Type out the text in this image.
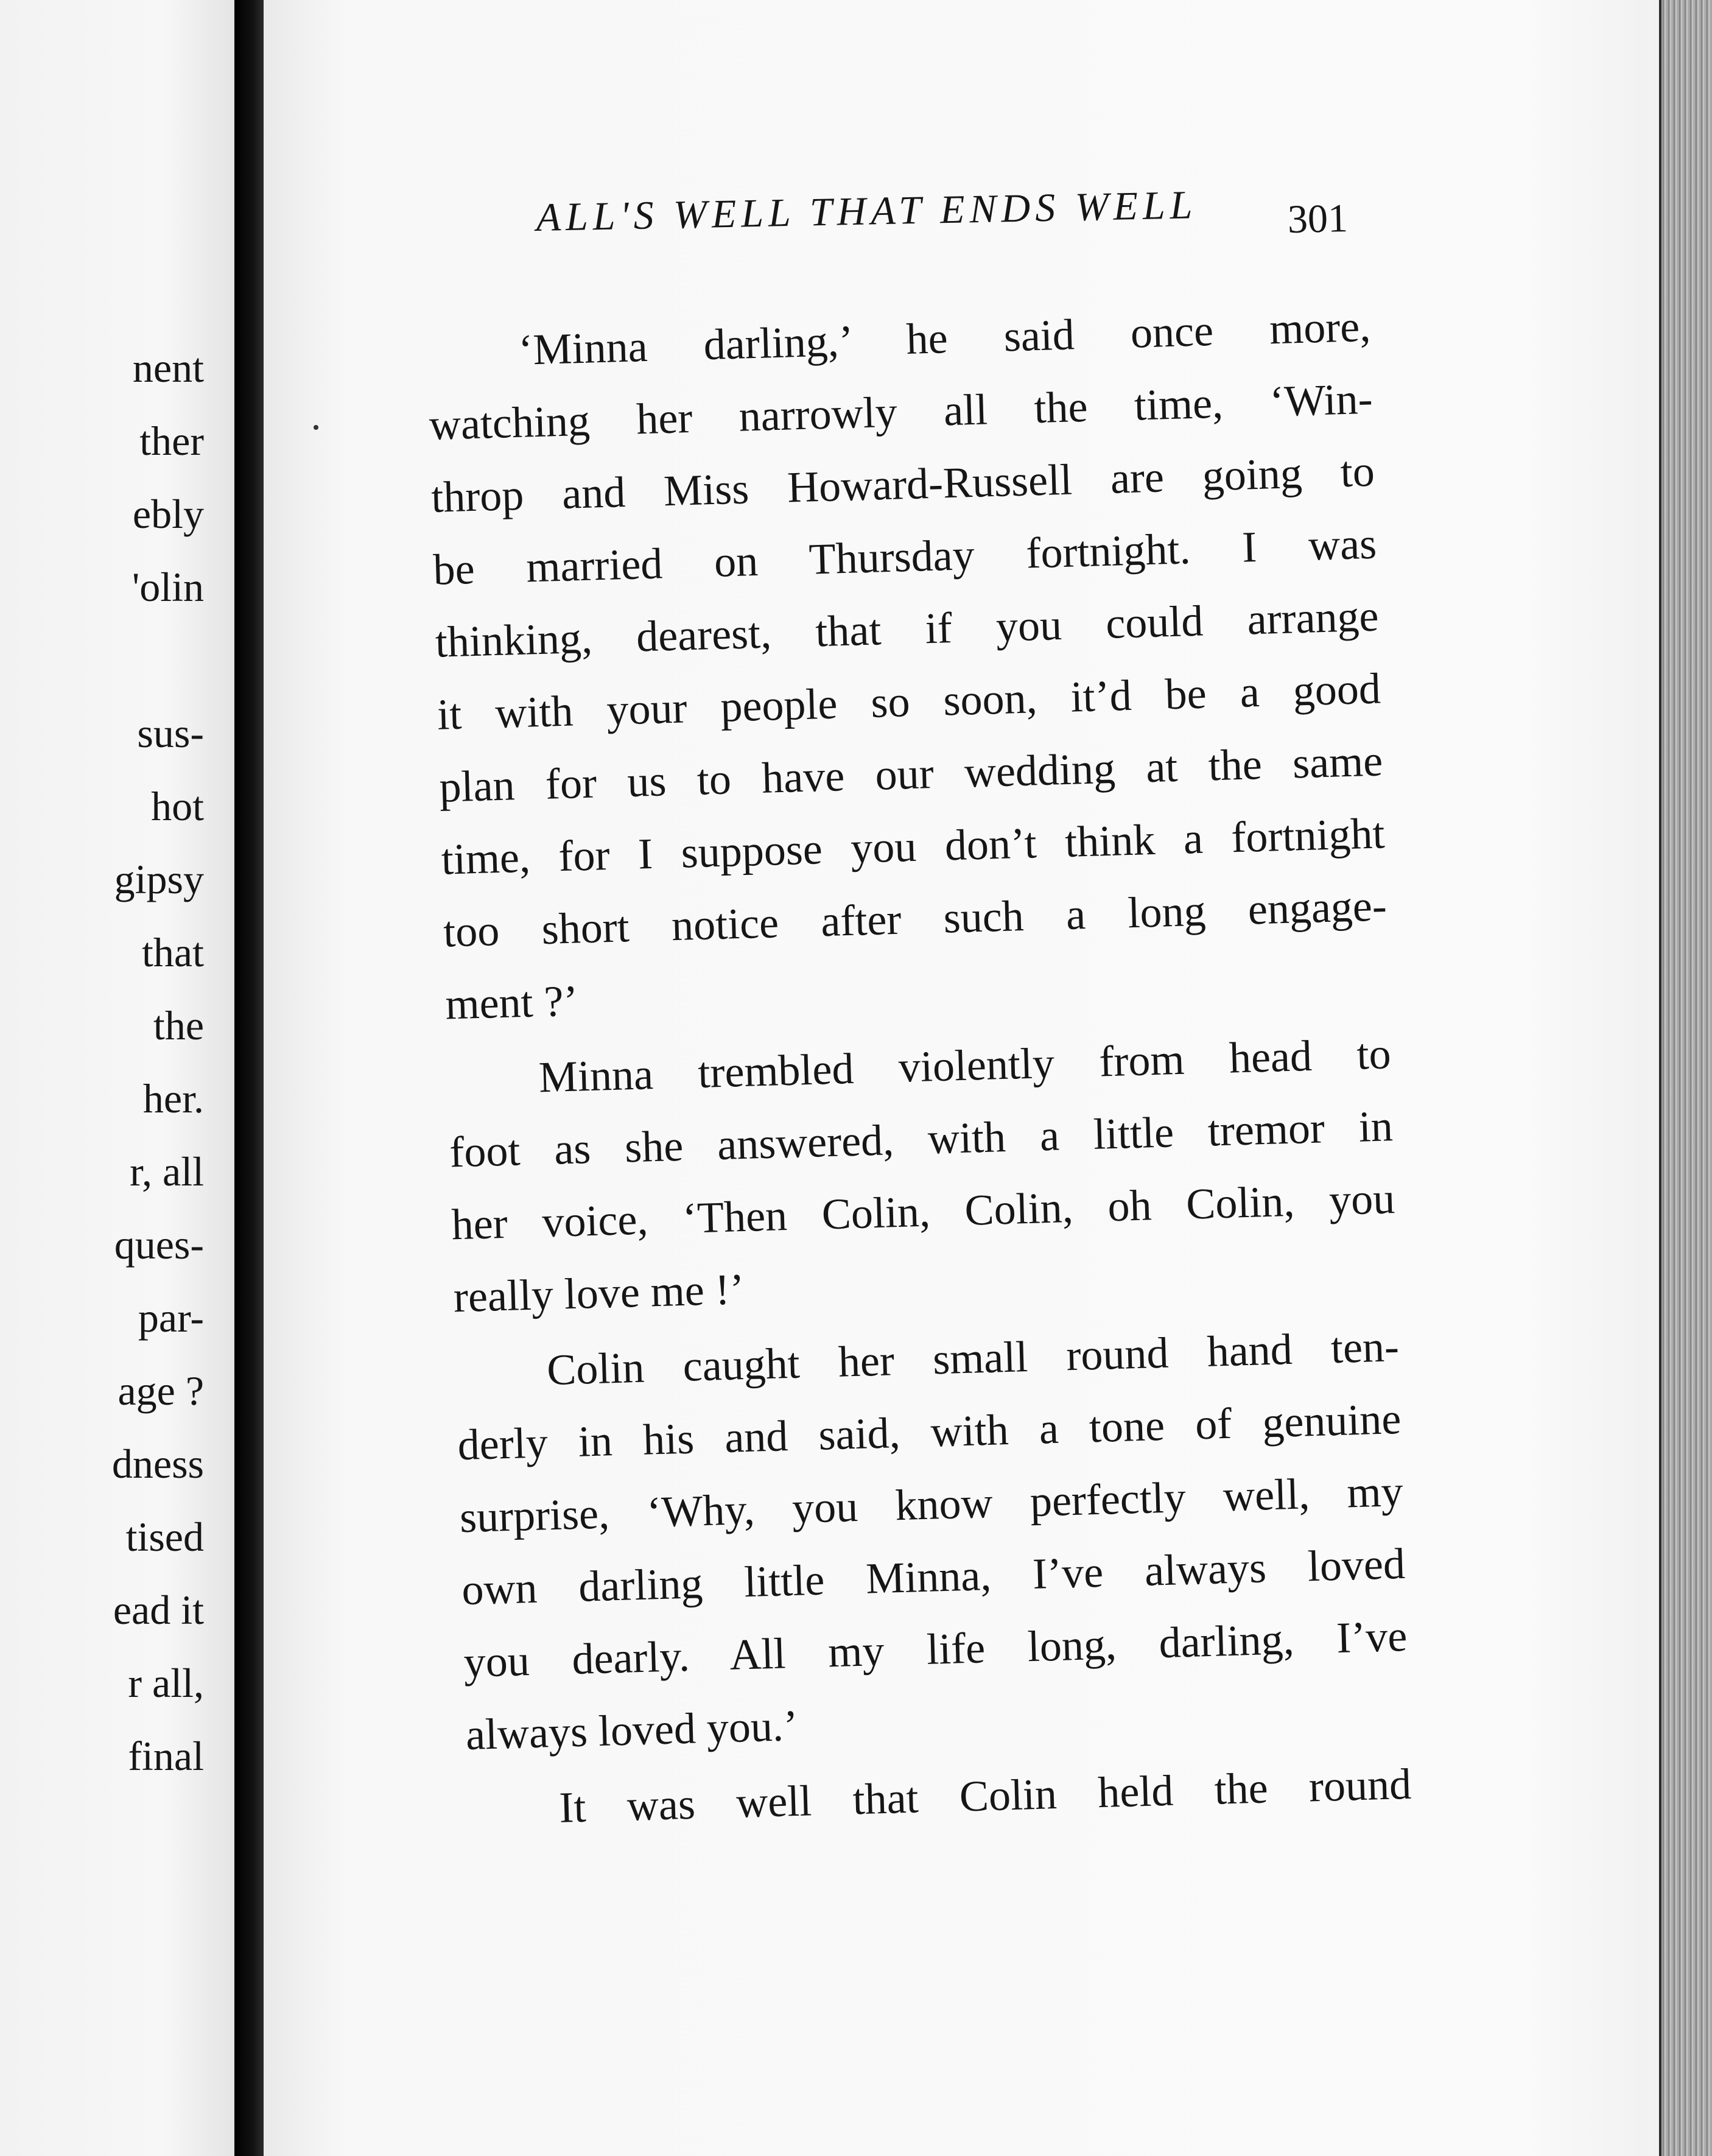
nent
ther
ebly
'olin
sus-
hot
gipsy
that
the
her.
r, all
ques-
par-
age ?
dness
tised
ead it
r all,
final
ALL'S WELL THAT ENDS WELL 301
‘Minna darling,’ he said once more,
watching her narrowly all the time, ‘Win-
throp and Miss Howard-Russell are going to
be married on Thursday fortnight. I was
thinking, dearest, that if you could arrange
it with your people so soon, it’d be a good
plan for us to have our wedding at the same
time, for I suppose you don’t think a fortnight
too short notice after such a long engage-
ment ?’
Minna trembled violently from head to
foot as she answered, with a little tremor in
her voice, ‘Then Colin, Colin, oh Colin, you
really love me !’
Colin caught her small round hand ten-
derly in his and said, with a tone of genuine
surprise, ‘Why, you know perfectly well, my
own darling little Minna, I’ve always loved
you dearly. All my life long, darling, I’ve
always loved you.’
It was well that Colin held the round
